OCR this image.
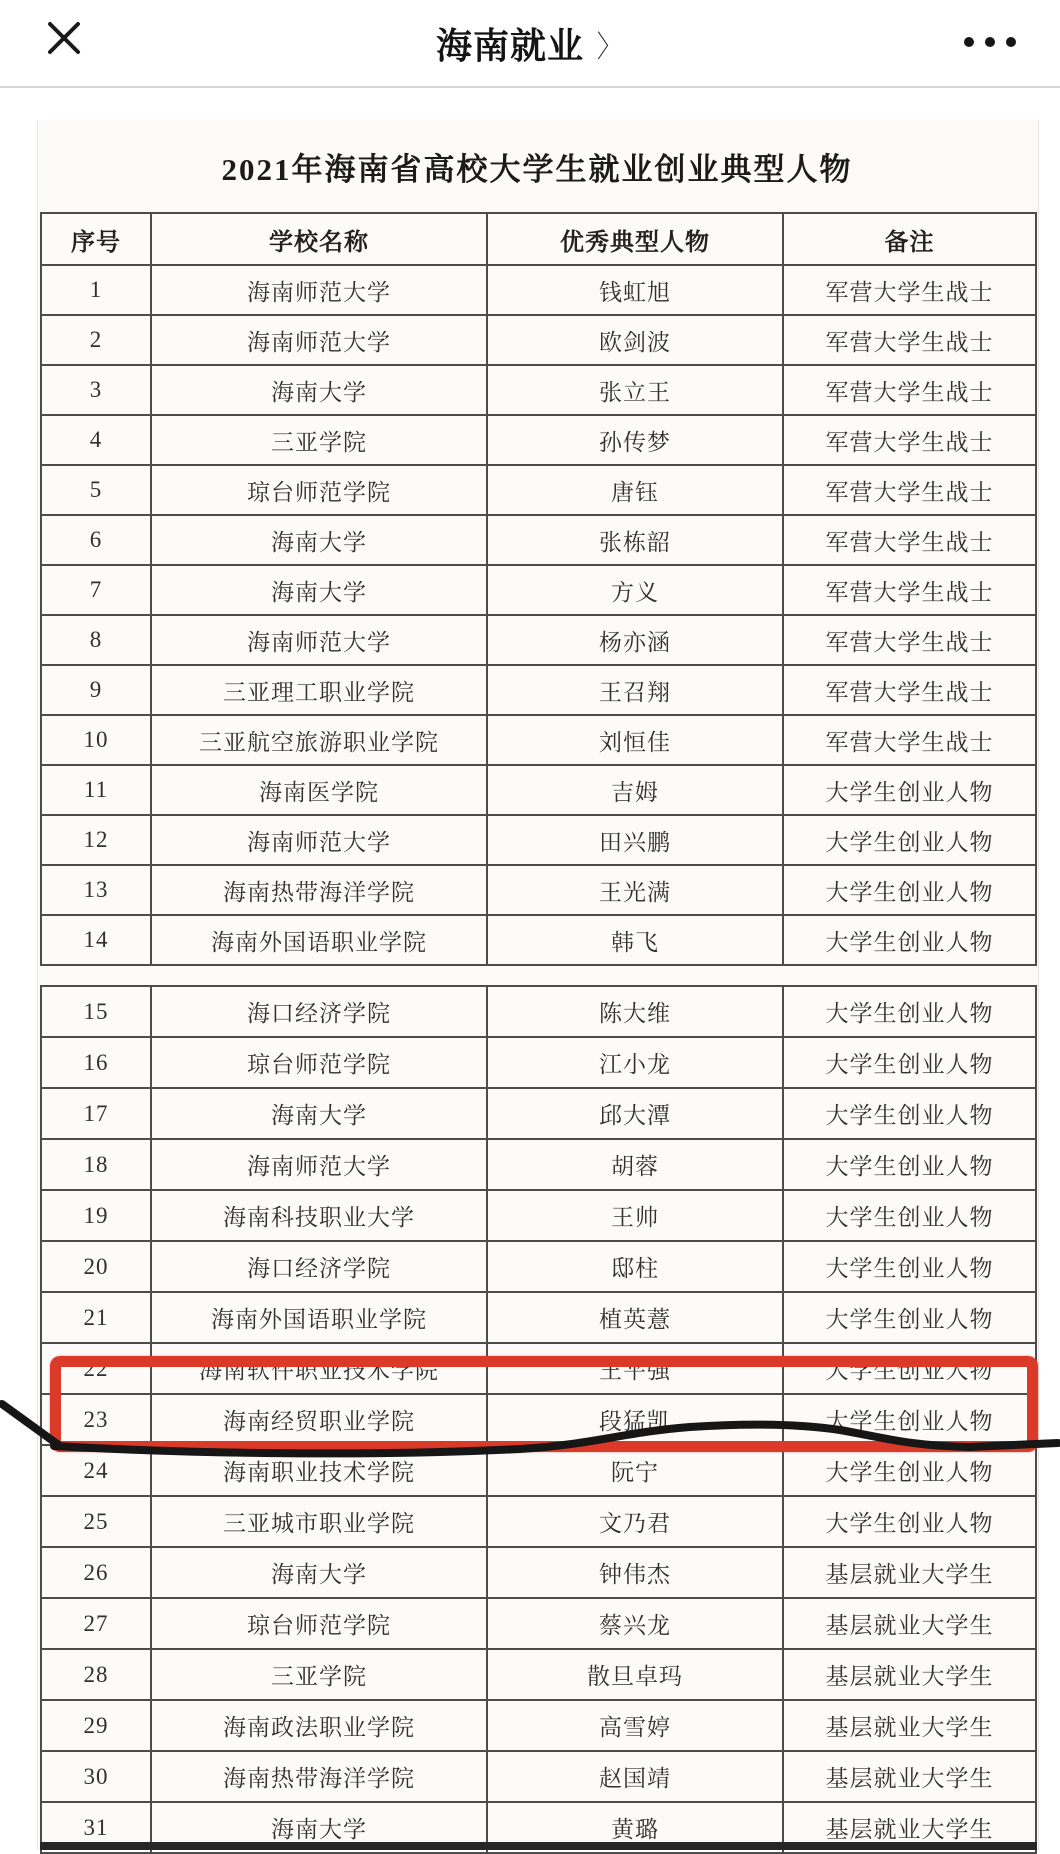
海南就业 〉
2021年海南省高校大学生就业创业典型人物
序号	学校名称	优秀典型人物	备注
1	海南师范大学	钱虹旭	军营大学生战士
2	海南师范大学	欧剑波	军营大学生战士
3	海南大学	张立王	军营大学生战士
4	三亚学院	孙传梦	军营大学生战士
5	琼台师范学院	唐钰	军营大学生战士
6	海南大学	张栋韶	军营大学生战士
7	海南大学	方义	军营大学生战士
8	海南师范大学	杨亦涵	军营大学生战士
9	三亚理工职业学院	王召翔	军营大学生战士
10	三亚航空旅游职业学院	刘恒佳	军营大学生战士
11	海南医学院	吉姆	大学生创业人物
12	海南师范大学	田兴鹏	大学生创业人物
13	海南热带海洋学院	王光满	大学生创业人物
14	海南外国语职业学院	韩飞	大学生创业人物
15	海口经济学院	陈大维	大学生创业人物
16	琼台师范学院	江小龙	大学生创业人物
17	海南大学	邱大潭	大学生创业人物
18	海南师范大学	胡蓉	大学生创业人物
19	海南科技职业大学	王帅	大学生创业人物
20	海口经济学院	邸柱	大学生创业人物
21	海南外国语职业学院	植英薏	大学生创业人物
22	海南软件职业技术学院	王平强	大学生创业人物
23	海南经贸职业学院	段猛凯	大学生创业人物
24	海南职业技术学院	阮宁	大学生创业人物
25	三亚城市职业学院	文乃君	大学生创业人物
26	海南大学	钟伟杰	基层就业大学生
27	琼台师范学院	蔡兴龙	基层就业大学生
28	三亚学院	散旦卓玛	基层就业大学生
29	海南政法职业学院	高雪婷	基层就业大学生
30	海南热带海洋学院	赵国靖	基层就业大学生
31	海南大学	黄璐	基层就业大学生
